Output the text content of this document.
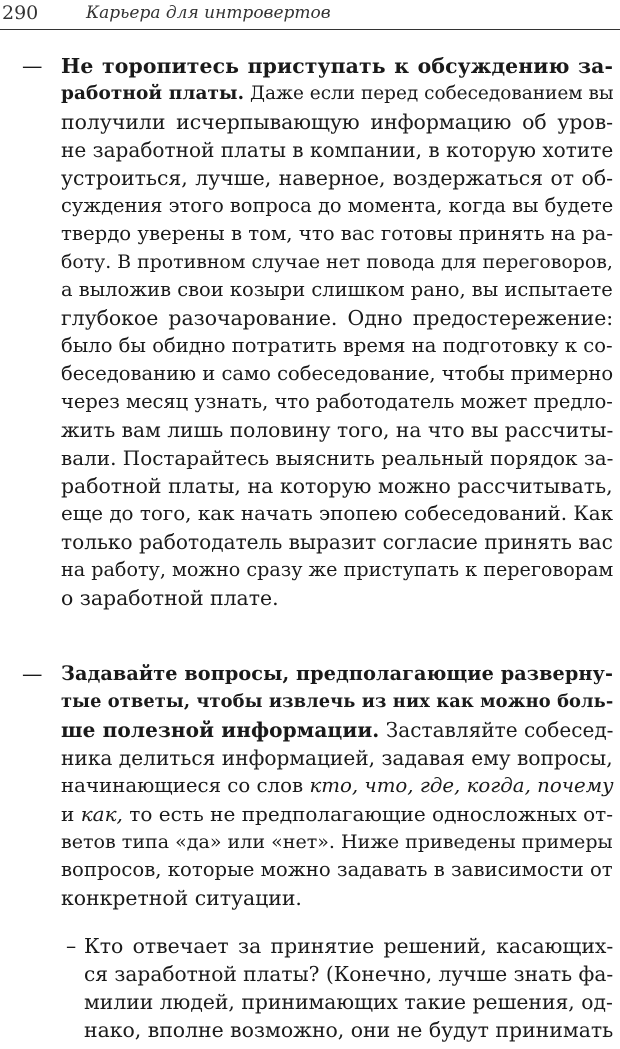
290	Карьера для интровертов
— Не торопитесь приступать к обсуждению за-
работной платы. Даже если перед собеседованием вы
получили исчерпывающую информацию об уров-
не заработной платы в компании, в которую хотите
устроиться, лучше, наверное, воздержаться от об-
суждения этого вопроса до момента, когда вы будете
твердо уверены в том, что вас готовы принять на ра-
боту. В противном случае нет повода для переговоров,
а выложив свои козыри слишком рано, вы испытаете
глубокое разочарование. Одно предостережение:
было бы обидно потратить время на подготовку к со-
беседованию и само собеседование, чтобы примерно
через месяц узнать, что работодатель может предло-
жить вам лишь половину того, на что вы рассчиты-
вали. Постарайтесь выяснить реальный порядок за-
работной платы, на которую можно рассчитывать,
еще до того, как начать эпопею собеседований. Как
только работодатель выразит согласие принять вас
на работу, можно сразу же приступать к переговорам
о заработной плате.
— Задавайте вопросы, предполагающие разверну-
тые ответы, чтобы извлечь из них как можно боль-
ше полезной информации. Заставляйте собесед-
ника делиться информацией, задавая ему вопросы,
начинающиеся со слов кто, что, где, когда, почему
и как, то есть не предполагающие односложных от-
ветов типа «да» или «нет». Ниже приведены примеры
вопросов, которые можно задавать в зависимости от
конкретной ситуации.
– Кто отвечает за принятие решений, касающих-
ся заработной платы? (Конечно, лучше знать фа-
милии людей, принимающих такие решения, од-
нако, вполне возможно, они не будут принимать
